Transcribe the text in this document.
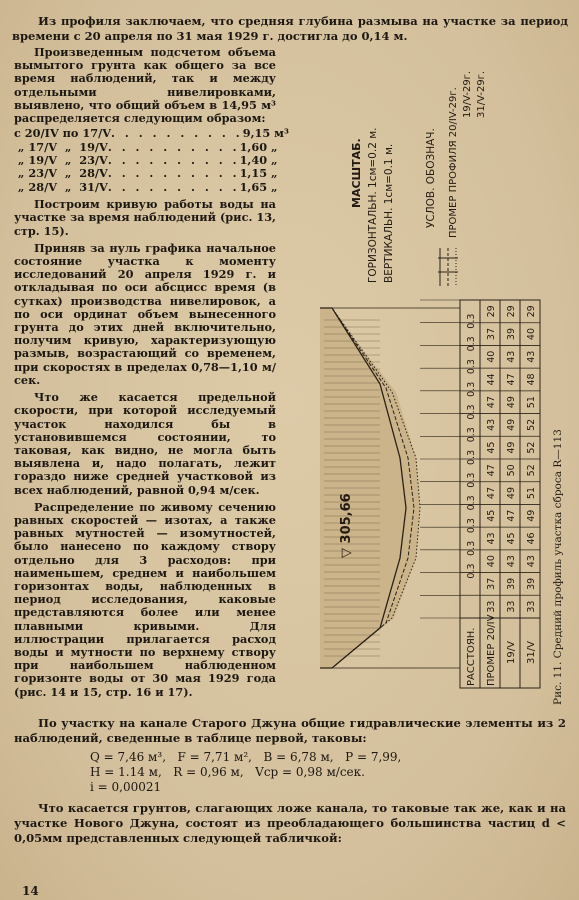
Из профиля заключаем, что средняя глубина размыва на участке за период времени с 20 апреля по 31 мая 1929 г. достигла до 0,14 м.

Произведенным подсчетом объема вымытого грунта как общего за все время наблюдений, так и между отдельными нивелировками, выявлено, что общий объем в 14,95 м³ распределяется следующим образом:

с 20/IV по 17/V . . . . . . . . . . 9,15 м³
„ 17/V  „  19/V . . . . . . . . . . 1,60 „
„ 19/V  „  23/V . . . . . . . . . . 1,40 „
„ 23/V  „  28/V . . . . . . . . . . 1,15 „
„ 28/V  „  31/V . . . . . . . . . . 1,65 „

Построим кривую работы воды на участке за время наблюдений (рис. 13, стр. 15).

Приняв за нуль графика начальное состояние участка к моменту исследований 20 апреля 1929 г. и откладывая по оси абсцисс время (в сутках) производства нивелировок, а по оси ординат объем вынесенного грунта до этих дней включительно, получим кривую, характеризующую размыв, возрастающий со временем, при скоростях в пределах 0,78—1,10 м/сек.

Что же касается предельной скорости, при которой исследуемый участок находился бы в установившемся состоянии, то таковая, как видно, не могла быть выявлена и, надо полагать, лежит гораздо ниже средней участковой из всех наблюдений, равной 0,94 м/сек.

Распределение по живому сечению равных скоростей — изотах, а также равных мутностей — изомутностей, было нанесено по каждому створу отдельно для 3 расходов: при наименьшем, среднем и наибольшем горизонтах воды, наблюденных в период исследования, каковые представляются более или менее плавными кривыми. Для иллюстрации прилагается расход воды и мутности по верхнему створу при наибольшем наблюденном горизонте воды от 30 мая 1929 года (рис. 14 и 15, стр. 16 и 17).

МАСШТАБ. ГОРИЗОНТАЛЬН. 1см=0.2 м. ВЕРТИКАЛЬН. 1см=0.1 м.	УСЛОВ. ОБОЗНАЧ. ПРОМЕР ПРОФИЛЯ 20/IV-29г. 19/V-29г. 31/V-29г.
0.3
0.3
0.3
0.3
0.3
0.3
0.3
0.3
0.3
0.3
0.3
0.3
29
37
40
44
47
43
45
47
47
45
43
40
37
33
29
39
43
47
49
49
49
50
49
47
45
43
39
33
29
40
43
48
51
52
52
52
51
49
46
43
39
33
РАССТОЯН. ПРОМЕР 20/IV 19/V 31/V
▽ 305,66	Рис. 11. Средний профиль участка сброса R—113

По участку на канале Старого Джуна общие гидравлические элементы из 2 наблюдений, сведенные в таблице первой, таковы:

Q = 7,46 м³,
F = 7,71 м²,
B = 6,78 м,
P = 7,99,
H = 1.14 м,
R = 0,96 м,
Vср = 0,98 м/сек.
i = 0,00021

Что касается грунтов, слагающих ложе канала, то таковые так же, как и на участке Нового Джуна, состоят из преобладающего большинства частиц d < 0,05мм представленных следующей табличкой:

14
